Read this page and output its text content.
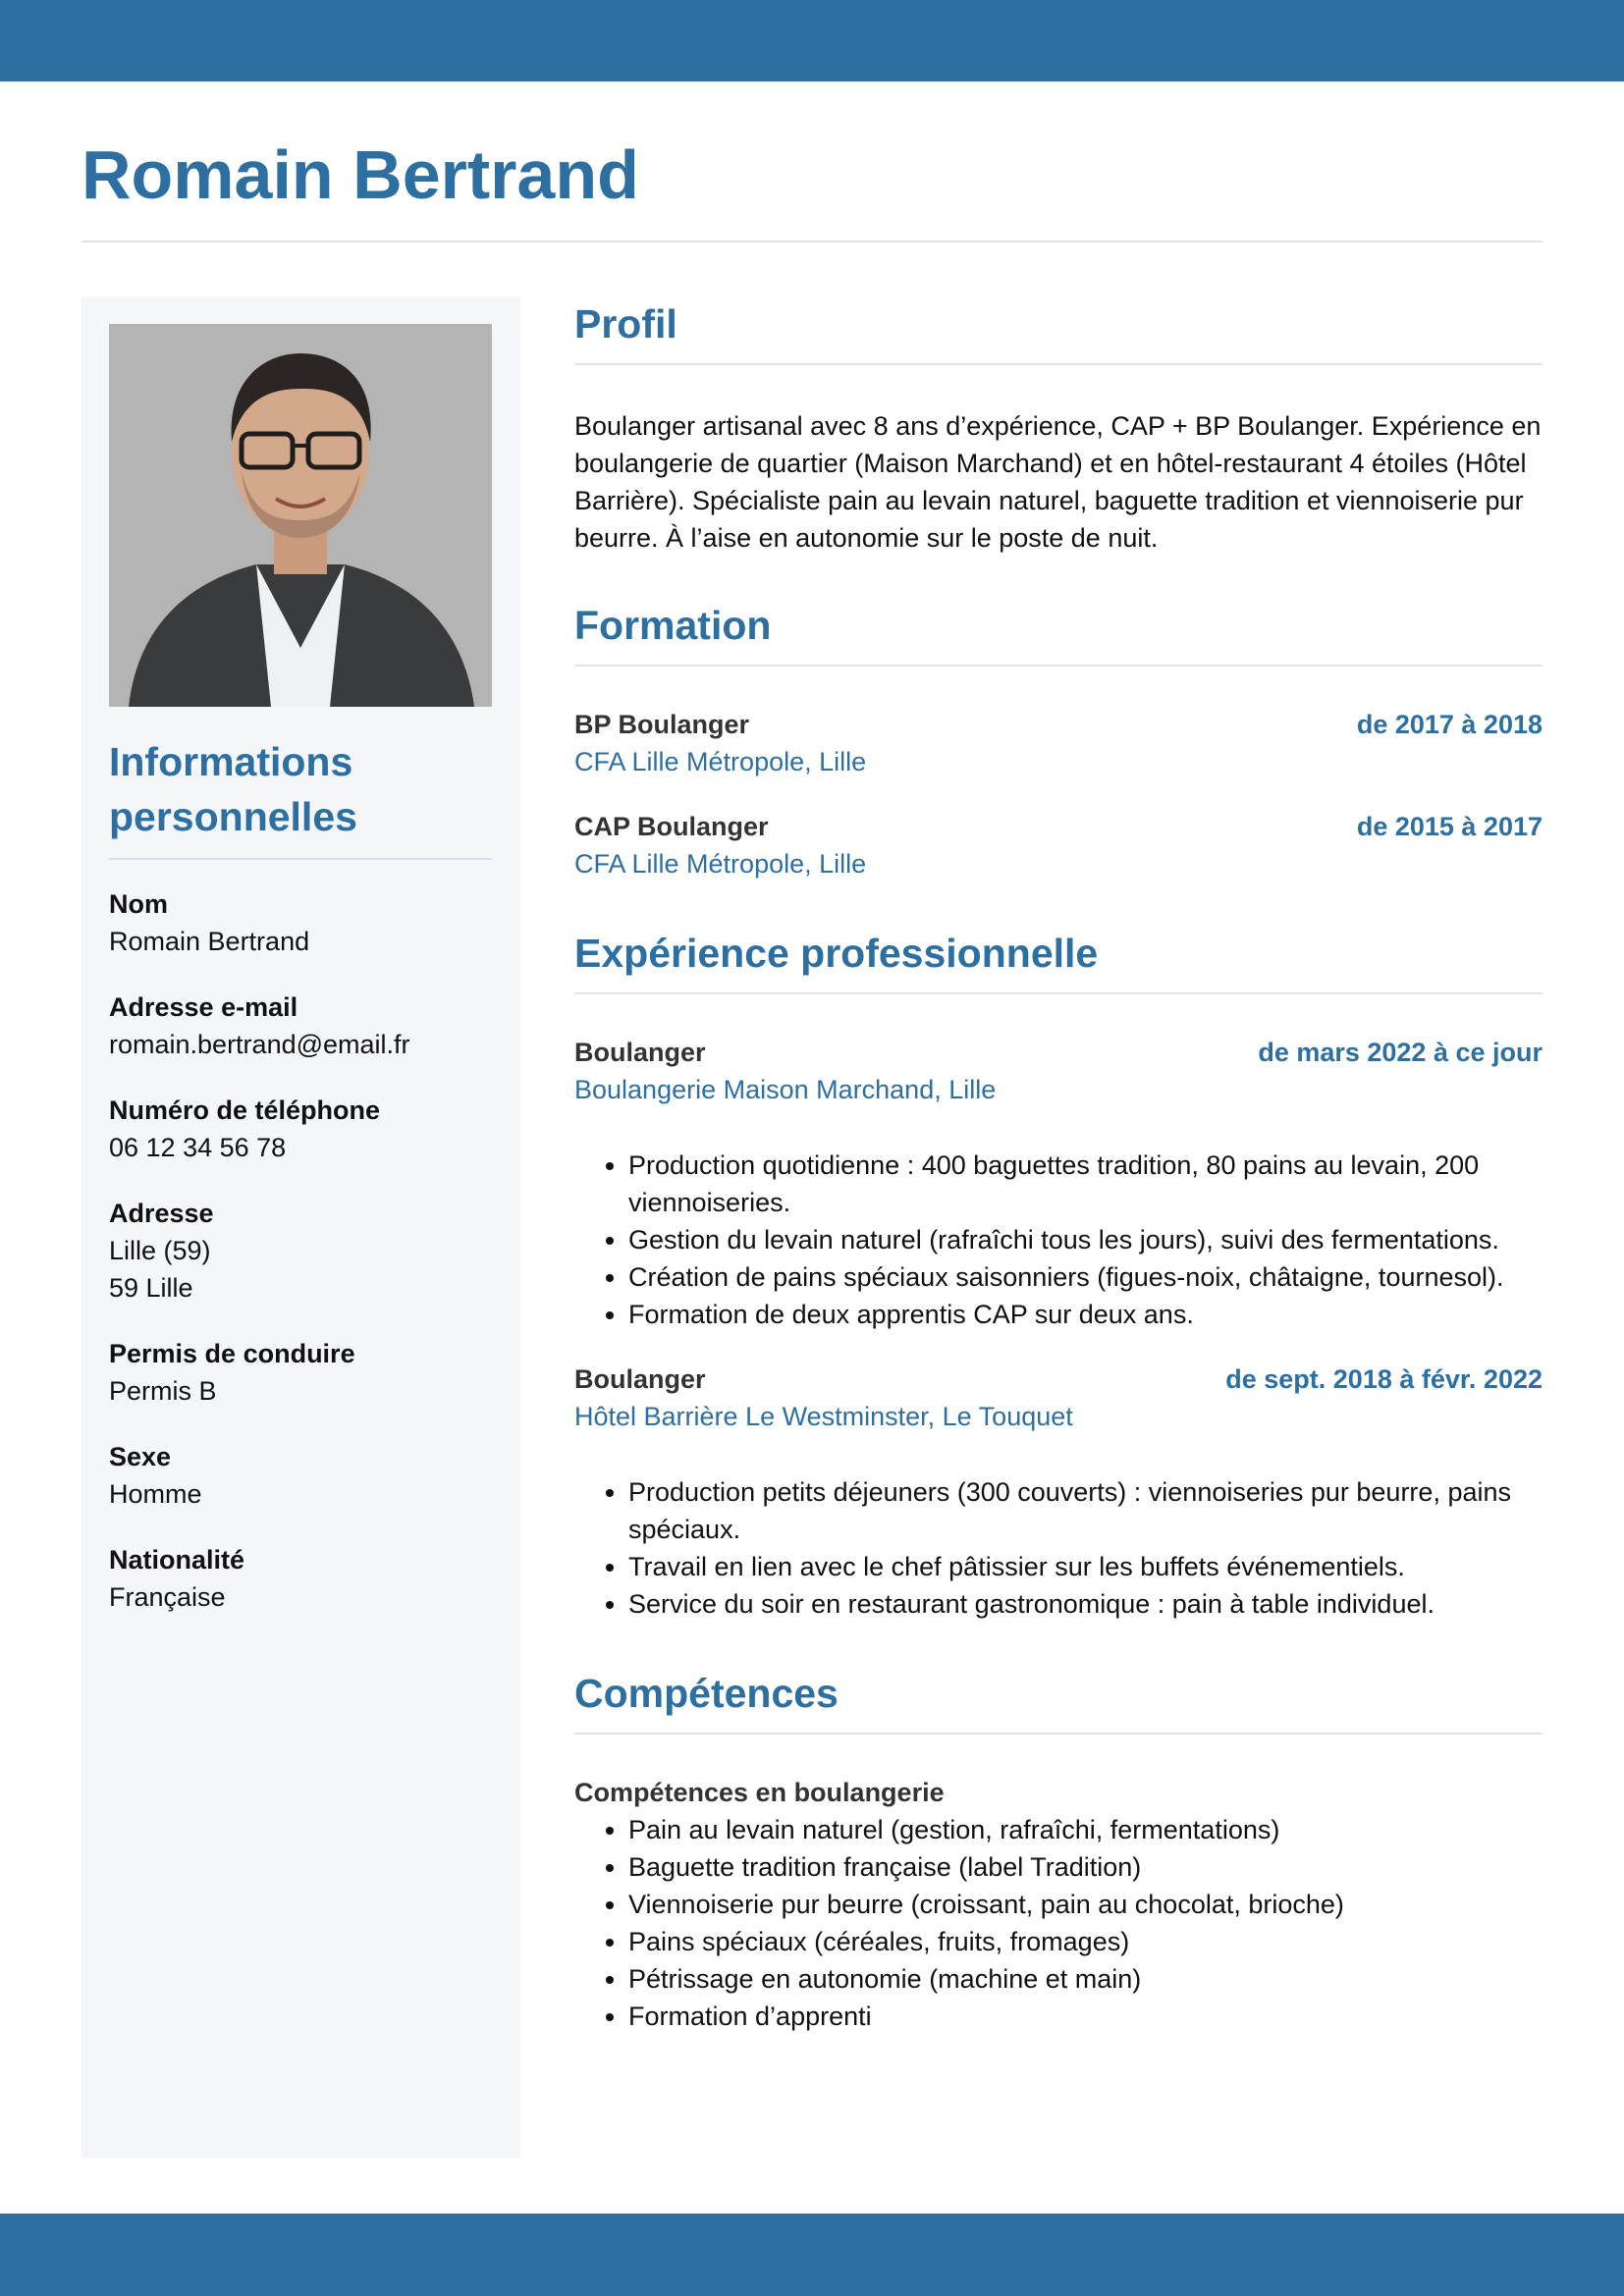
Romain Bertrand
Informations personnelles
Nom
Romain Bertrand
Adresse e-mail
romain.bertrand@email.fr
Numéro de téléphone
06 12 34 56 78
Adresse
Lille (59)
59 Lille
Permis de conduire
Permis B
Sexe
Homme
Nationalité
Française
Profil

Boulanger artisanal avec 8 ans d’expérience, CAP + BP Boulanger. Expérience en boulangerie de quartier (Maison Marchand) et en hôtel-restaurant 4 étoiles (Hôtel Barrière). Spécialiste pain au levain naturel, baguette tradition et viennoiserie pur beurre. À l’aise en autonomie sur le poste de nuit.

Formation
BP Boulanger	de 2017 à 2018
CFA Lille Métropole, Lille
CAP Boulanger	de 2015 à 2017
CFA Lille Métropole, Lille
Expérience professionnelle
Boulanger	de mars 2022 à ce jour
Boulangerie Maison Marchand, Lille
• Production quotidienne : 400 baguettes tradition, 80 pains au levain, 200 viennoiseries.
• Gestion du levain naturel (rafraîchi tous les jours), suivi des fermentations.
• Création de pains spéciaux saisonniers (figues-noix, châtaigne, tournesol).
• Formation de deux apprentis CAP sur deux ans.
Boulanger	de sept. 2018 à févr. 2022
Hôtel Barrière Le Westminster, Le Touquet
• Production petits déjeuners (300 couverts) : viennoiseries pur beurre, pains spéciaux.
• Travail en lien avec le chef pâtissier sur les buffets événementiels.
• Service du soir en restaurant gastronomique : pain à table individuel.
Compétences
Compétences en boulangerie
• Pain au levain naturel (gestion, rafraîchi, fermentations)
• Baguette tradition française (label Tradition)
• Viennoiserie pur beurre (croissant, pain au chocolat, brioche)
• Pains spéciaux (céréales, fruits, fromages)
• Pétrissage en autonomie (machine et main)
• Formation d’apprenti
